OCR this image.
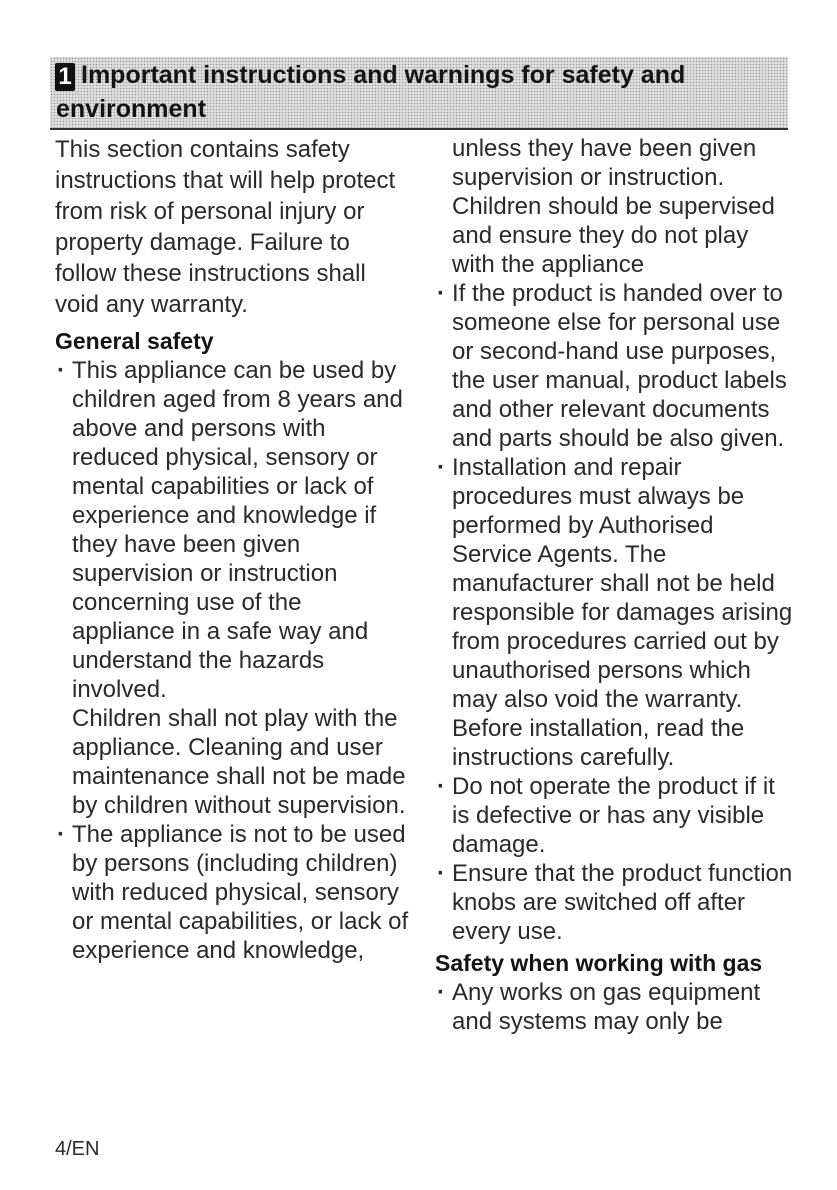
1 Important instructions and warnings for safety and environment

This section contains safety instructions that will help protect from risk of personal injury or property damage. Failure to follow these instructions shall void any warranty.

General safety

· This appliance can be used by children aged from 8 years and above and persons with reduced physical, sensory or mental capabilities or lack of experience and knowledge if they have been given supervision or instruction concerning use of the appliance in a safe way and understand the hazards involved.

Children shall not play with the appliance. Cleaning and user maintenance shall not be made by children without supervision.

· The appliance is not to be used by persons (including children) with reduced physical, sensory or mental capabilities, or lack of experience and knowledge,

unless they have been given supervision or instruction. Children should be supervised and ensure they do not play with the appliance

· If the product is handed over to someone else for personal use or second-hand use purposes, the user manual, product labels and other relevant documents and parts should be also given.
· Installation and repair procedures must always be performed by Authorised Service Agents. The manufacturer shall not be held responsible for damages arising from procedures carried out by unauthorised persons which may also void the warranty. Before installation, read the instructions carefully.
· Do not operate the product if it is defective or has any visible damage.
· Ensure that the product function knobs are switched off after every use.

Safety when working with gas

· Any works on gas equipment and systems may only be
4/EN
